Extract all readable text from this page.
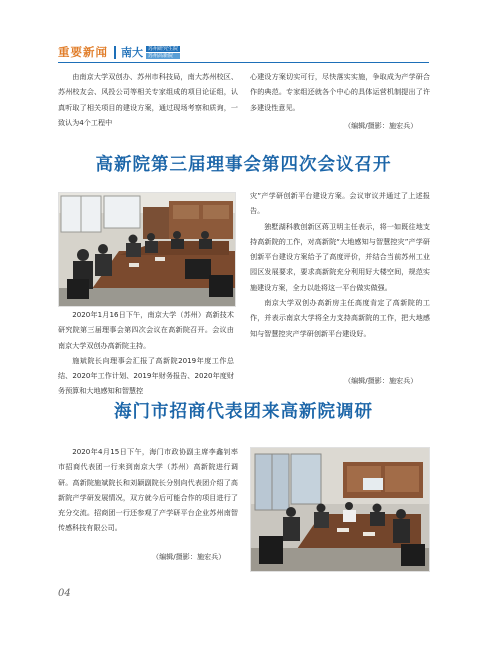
重要新闻 南大	苏州研究生院
苏州高新院

由南京大学双创办、苏州市科技局，南大苏州校区、苏州校友会、风投公司等相关专家组成的项目论证组，认真听取了相关项目的建设方案，通过现场考察和质询，一致认为4个工程中

心建设方案切实可行，尽快落实实施，争取成为产学研合作的典范。专家组还就各个中心的具体运营机制提出了许多建设性意见。

（编辑/摄影：施宏兵）
高新院第三届理事会第四次会议召开

2020年1月16日下午，南京大学（苏州）高新技术研究院第三届理事会第四次会议在高新院召开。会议由南京大学双创办高新院主持。

施斌院长向理事会汇报了高新院2019年度工作总结、2020年工作计划、2019年财务报告、2020年度财务预算和大地感知和智慧控

灾”产学研创新平台建设方案。会议审议并通过了上述报告。

独墅湖科教创新区蒋卫明主任表示，将一如既往地支持高新院的工作，对高新院“大地感知与智慧控灾”产学研创新平台建设方案给予了高度评价，并结合当前苏州工业园区发展要求，要求高新院充分利用好大楼空间，规范实施建设方案，全力以赴将这一平台做实做强。

南京大学双创办高新房主任高度肯定了高新院的工作，并表示南京大学将全力支持高新院的工作，把大地感知与智慧控灾产学研创新平台建设好。

（编辑/摄影：施宏兵）
海门市招商代表团来高新院调研

2020年4月15日下午，海门市政协副主席李鑫钊率市招商代表团一行来到南京大学（苏州）高新院进行调研。高新院施斌院长和刘颖副院长分别向代表团介绍了高新院产学研发展情况，双方就今后可能合作的项目进行了充分交流。招商团一行还参观了产学研平台企业苏州南智传感科技有限公司。

（编辑/摄影：施宏兵）
04
